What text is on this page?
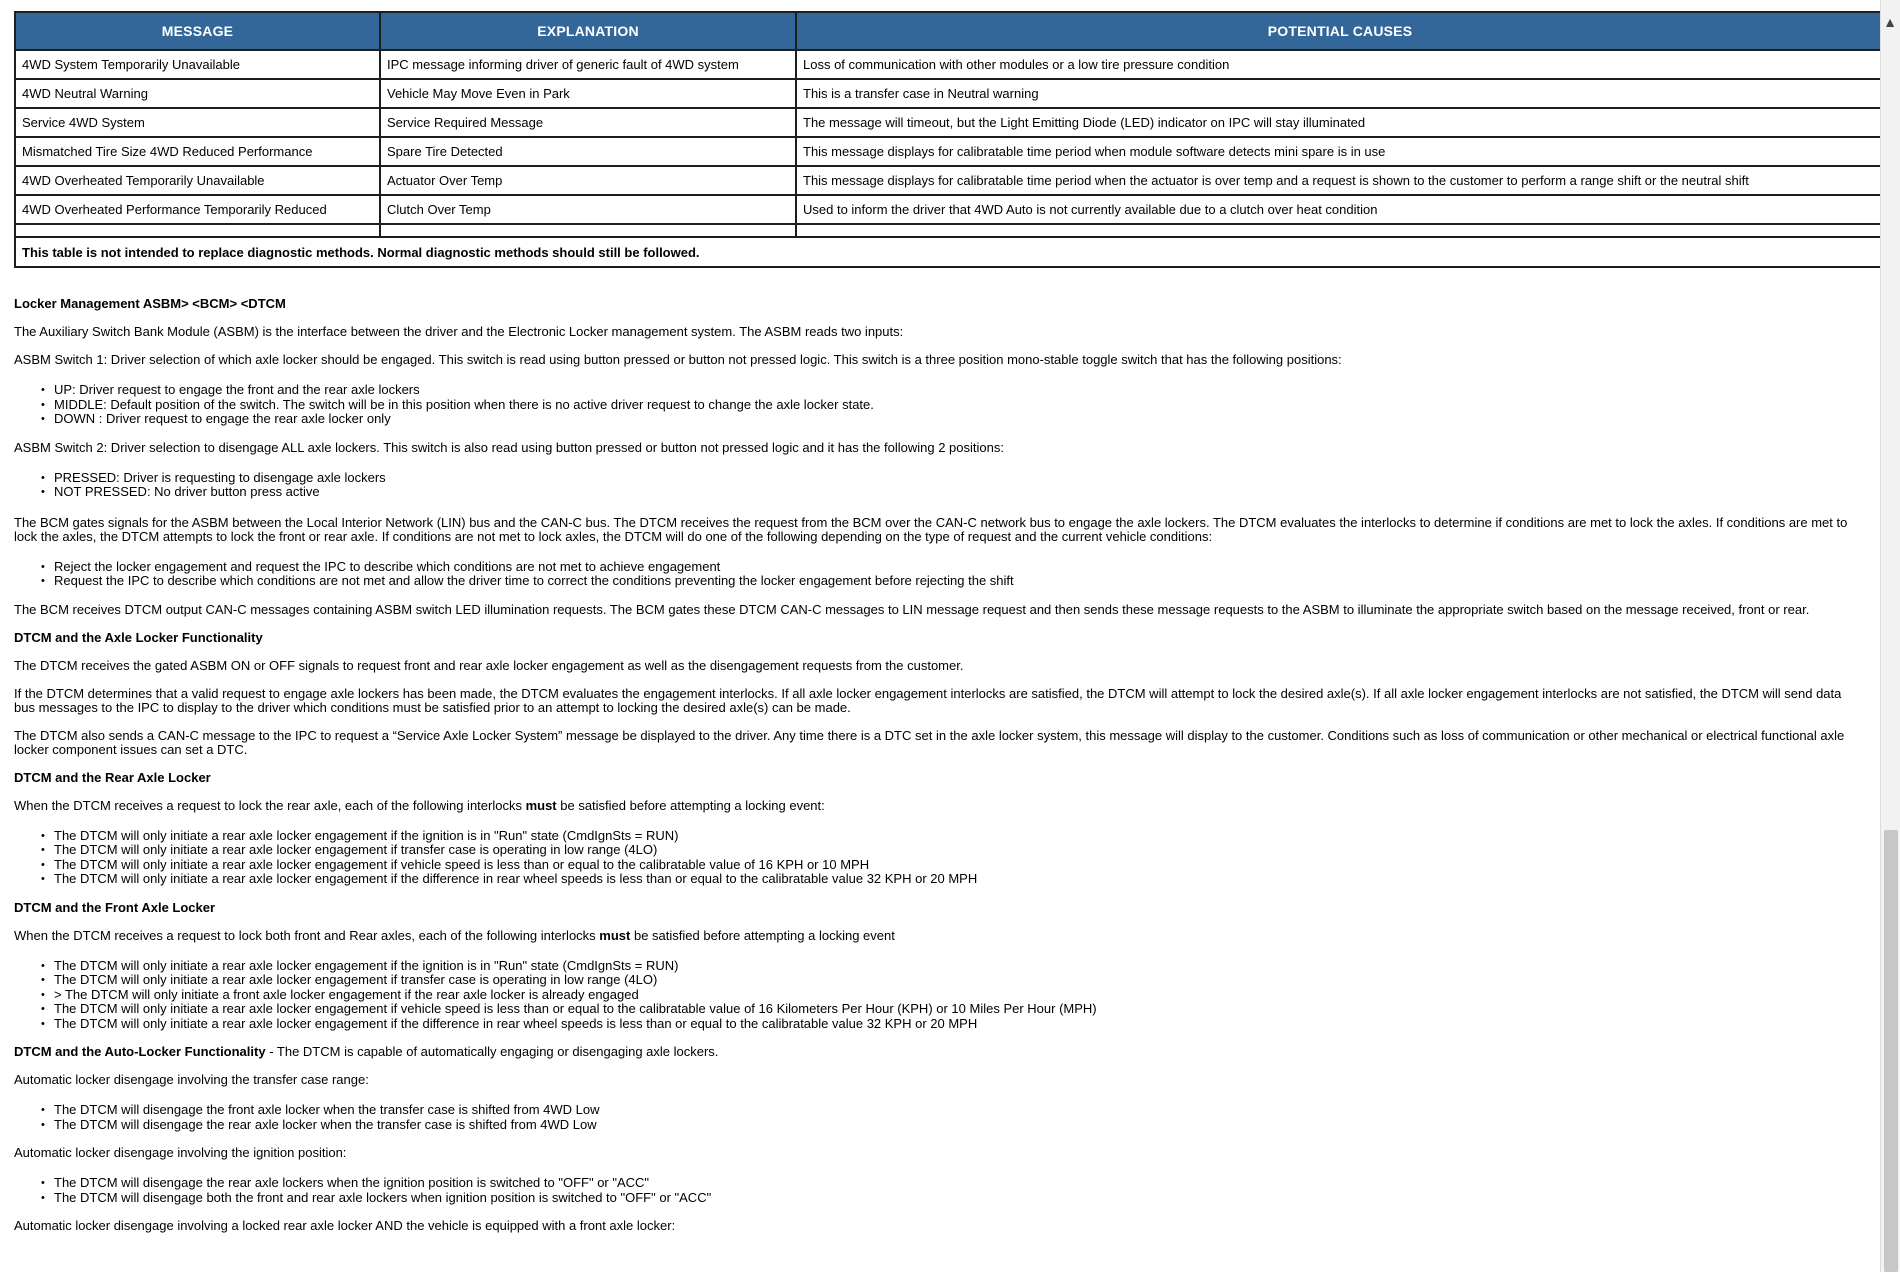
MESSAGE	EXPLANATION	POTENTIAL CAUSES
4WD System Temporarily Unavailable	IPC message informing driver of generic fault of 4WD system	Loss of communication with other modules or a low tire pressure condition
4WD Neutral Warning	Vehicle May Move Even in Park	This is a transfer case in Neutral warning
Service 4WD System	Service Required Message	The message will timeout, but the Light Emitting Diode (LED) indicator on IPC will stay illuminated
Mismatched Tire Size 4WD Reduced Performance	Spare Tire Detected	This message displays for calibratable time period when module software detects mini spare is in use
4WD Overheated Temporarily Unavailable	Actuator Over Temp	This message displays for calibratable time period when the actuator is over temp and a request is shown to the customer to perform a range shift or the neutral shift
4WD Overheated Performance Temporarily Reduced	Clutch Over Temp	Used to inform the driver that 4WD Auto is not currently available due to a clutch over heat condition

This table is not intended to replace diagnostic methods. Normal diagnostic methods should still be followed.		
Locker Management ASBM> <BCM> <DTCM

The Auxiliary Switch Bank Module (ASBM) is the interface between the driver and the Electronic Locker management system. The ASBM reads two inputs:

ASBM Switch 1: Driver selection of which axle locker should be engaged. This switch is read using button pressed or button not pressed logic. This switch is a three position mono-stable toggle switch that has the following positions:

• UP: Driver request to engage the front and the rear axle lockers
• MIDDLE: Default position of the switch. The switch will be in this position when there is no active driver request to change the axle locker state.
• DOWN : Driver request to engage the rear axle locker only

ASBM Switch 2: Driver selection to disengage ALL axle lockers. This switch is also read using button pressed or button not pressed logic and it has the following 2 positions:

• PRESSED: Driver is requesting to disengage axle lockers
• NOT PRESSED: No driver button press active

The BCM gates signals for the ASBM between the Local Interior Network (LIN) bus and the CAN-C bus. The DTCM receives the request from the BCM over the CAN-C network bus to engage the axle lockers. The DTCM evaluates the interlocks to determine if conditions are met to lock the axles. If conditions are met to
lock the axles, the DTCM attempts to lock the front or rear axle. If conditions are not met to lock axles, the DTCM will do one of the following depending on the type of request and the current vehicle conditions:

• Reject the locker engagement and request the IPC to describe which conditions are not met to achieve engagement
• Request the IPC to describe which conditions are not met and allow the driver time to correct the conditions preventing the locker engagement before rejecting the shift

The BCM receives DTCM output CAN-C messages containing ASBM switch LED illumination requests. The BCM gates these DTCM CAN-C messages to LIN message request and then sends these message requests to the ASBM to illuminate the appropriate switch based on the message received, front or rear.

DTCM and the Axle Locker Functionality

The DTCM receives the gated ASBM ON or OFF signals to request front and rear axle locker engagement as well as the disengagement requests from the customer.

If the DTCM determines that a valid request to engage axle lockers has been made, the DTCM evaluates the engagement interlocks. If all axle locker engagement interlocks are satisfied, the DTCM will attempt to lock the desired axle(s). If all axle locker engagement interlocks are not satisfied, the DTCM will send data
bus messages to the IPC to display to the driver which conditions must be satisfied prior to an attempt to locking the desired axle(s) can be made.

The DTCM also sends a CAN-C message to the IPC to request a “Service Axle Locker System” message be displayed to the driver. Any time there is a DTC set in the axle locker system, this message will display to the customer. Conditions such as loss of communication or other mechanical or electrical functional axle
locker component issues can set a DTC.

DTCM and the Rear Axle Locker

When the DTCM receives a request to lock the rear axle, each of the following interlocks must be satisfied before attempting a locking event:

• The DTCM will only initiate a rear axle locker engagement if the ignition is in "Run" state (CmdIgnSts = RUN)
• The DTCM will only initiate a rear axle locker engagement if transfer case is operating in low range (4LO)
• The DTCM will only initiate a rear axle locker engagement if vehicle speed is less than or equal to the calibratable value of 16 KPH or 10 MPH
• The DTCM will only initiate a rear axle locker engagement if the difference in rear wheel speeds is less than or equal to the calibratable value 32 KPH or 20 MPH
DTCM and the Front Axle Locker

When the DTCM receives a request to lock both front and Rear axles, each of the following interlocks must be satisfied before attempting a locking event

• The DTCM will only initiate a rear axle locker engagement if the ignition is in "Run" state (CmdIgnSts = RUN)
• The DTCM will only initiate a rear axle locker engagement if transfer case is operating in low range (4LO)
• > The DTCM will only initiate a front axle locker engagement if the rear axle locker is already engaged
• The DTCM will only initiate a rear axle locker engagement if vehicle speed is less than or equal to the calibratable value of 16 Kilometers Per Hour (KPH) or 10 Miles Per Hour (MPH)
• The DTCM will only initiate a rear axle locker engagement if the difference in rear wheel speeds is less than or equal to the calibratable value 32 KPH or 20 MPH

DTCM and the Auto-Locker Functionality - The DTCM is capable of automatically engaging or disengaging axle lockers.

Automatic locker disengage involving the transfer case range:

• The DTCM will disengage the front axle locker when the transfer case is shifted from 4WD Low
• The DTCM will disengage the rear axle locker when the transfer case is shifted from 4WD Low

Automatic locker disengage involving the ignition position:

• The DTCM will disengage the rear axle lockers when the ignition position is switched to "OFF" or "ACC"
• The DTCM will disengage both the front and rear axle lockers when ignition position is switched to "OFF" or "ACC"

Automatic locker disengage involving a locked rear axle locker AND the vehicle is equipped with a front axle locker:

▲
